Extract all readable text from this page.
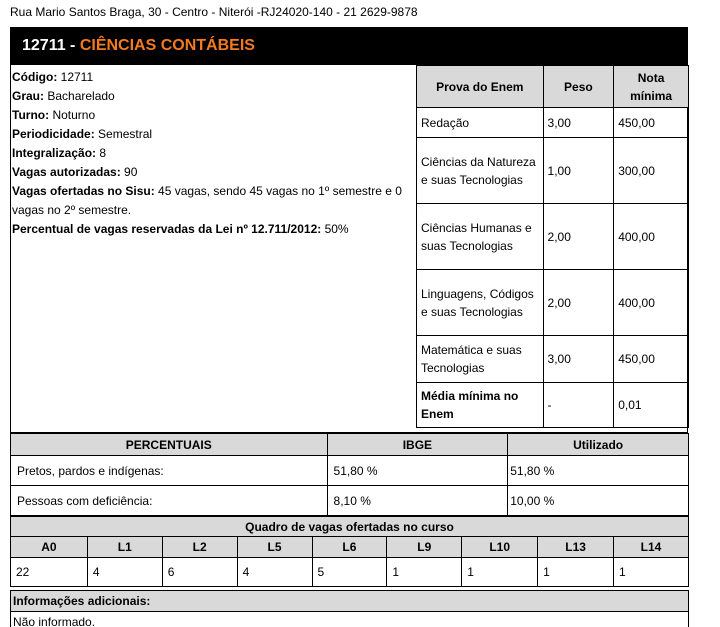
Rua Mario Santos Braga, 30 - Centro - Niterói -RJ24020-140 - 21 2629-9878
12711 - CIÊNCIAS CONTÁBEIS
Código: 12711
Grau: Bacharelado
Turno: Noturno
Periodicidade: Semestral
Integralização: 8
Vagas autorizadas: 90
Vagas ofertadas no Sisu: 45 vagas, sendo 45 vagas no 1º semestre e 0 vagas no 2º semestre.
Percentual de vagas reservadas da Lei nº 12.711/2012: 50%
Prova do Enem	Peso	Nota mínima
Redação	3,00	450,00
Ciências da Natureza e suas Tecnologias	1,00	300,00
Ciências Humanas e suas Tecnologias	2,00	400,00
Linguagens, Códigos e suas Tecnologias	2,00	400,00
Matemática e suas Tecnologias	3,00	450,00
Média mínima no Enem	-	0,01
PERCENTUAIS	IBGE	Utilizado
Pretos, pardos e indígenas:	51,80 %	51,80 %
Pessoas com deficiência:	8,10 %	10,00 %
Quadro de vagas ofertadas no curso								
A0	L1	L2	L5	L6	L9	L10	L13	L14
22	4	6	4	5	1	1	1	1
Informações adicionais:
Não informado.
